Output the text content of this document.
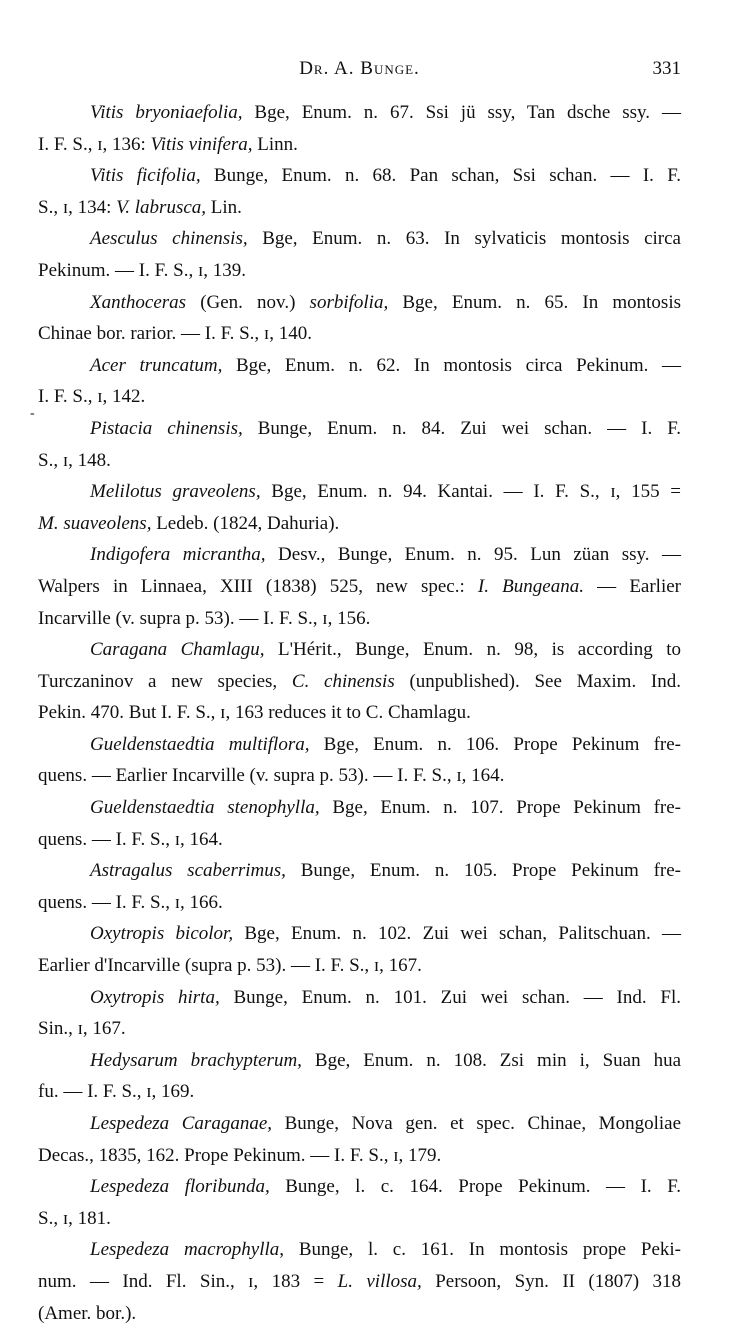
Dr. A. Bunge.	331
-
Vitis bryoniaefolia, Bge, Enum. n. 67. Ssi jü ssy, Tan dsche ssy. —
I. F. S., ɪ, 136: Vitis vinifera, Linn.
Vitis ficifolia, Bunge, Enum. n. 68. Pan schan, Ssi schan. — I. F.
S., ɪ, 134: V. labrusca, Lin.
Aesculus chinensis, Bge, Enum. n. 63. In sylvaticis montosis circa
Pekinum. — I. F. S., ɪ, 139.
Xanthoceras (Gen. nov.) sorbifolia, Bge, Enum. n. 65. In montosis
Chinae bor. rarior. — I. F. S., ɪ, 140.
Acer truncatum, Bge, Enum. n. 62. In montosis circa Pekinum. —
I. F. S., ɪ, 142.
Pistacia chinensis, Bunge, Enum. n. 84. Zui wei schan. — I. F.
S., ɪ, 148.
Melilotus graveolens, Bge, Enum. n. 94. Kantai. — I. F. S., ɪ, 155 =
M. suaveolens, Ledeb. (1824, Dahuria).
Indigofera micrantha, Desv., Bunge, Enum. n. 95. Lun züan ssy. —
Walpers in Linnaea, XIII (1838) 525, new spec.: I. Bungeana. — Earlier
Incarville (v. supra p. 53). — I. F. S., ɪ, 156.
Caragana Chamlagu, L'Hérit., Bunge, Enum. n. 98, is according to
Turczaninov a new species, C. chinensis (unpublished). See Maxim. Ind.
Pekin. 470. But I. F. S., ɪ, 163 reduces it to C. Chamlagu.
Gueldenstaedtia multiflora, Bge, Enum. n. 106. Prope Pekinum fre-
quens. — Earlier Incarville (v. supra p. 53). — I. F. S., ɪ, 164.
Gueldenstaedtia stenophylla, Bge, Enum. n. 107. Prope Pekinum fre-
quens. — I. F. S., ɪ, 164.
Astragalus scaberrimus, Bunge, Enum. n. 105. Prope Pekinum fre-
quens. — I. F. S., ɪ, 166.
Oxytropis bicolor, Bge, Enum. n. 102. Zui wei schan, Palitschuan. —
Earlier d'Incarville (supra p. 53). — I. F. S., ɪ, 167.
Oxytropis hirta, Bunge, Enum. n. 101. Zui wei schan. — Ind. Fl.
Sin., ɪ, 167.
Hedysarum brachypterum, Bge, Enum. n. 108. Zsi min i, Suan hua
fu. — I. F. S., ɪ, 169.
Lespedeza Caraganae, Bunge, Nova gen. et spec. Chinae, Mongoliae
Decas., 1835, 162. Prope Pekinum. — I. F. S., ɪ, 179.
Lespedeza floribunda, Bunge, l. c. 164. Prope Pekinum. — I. F.
S., ɪ, 181.
Lespedeza macrophylla, Bunge, l. c. 161. In montosis prope Peki-
num. — Ind. Fl. Sin., ɪ, 183 = L. villosa, Persoon, Syn. II (1807) 318
(Amer. bor.).
